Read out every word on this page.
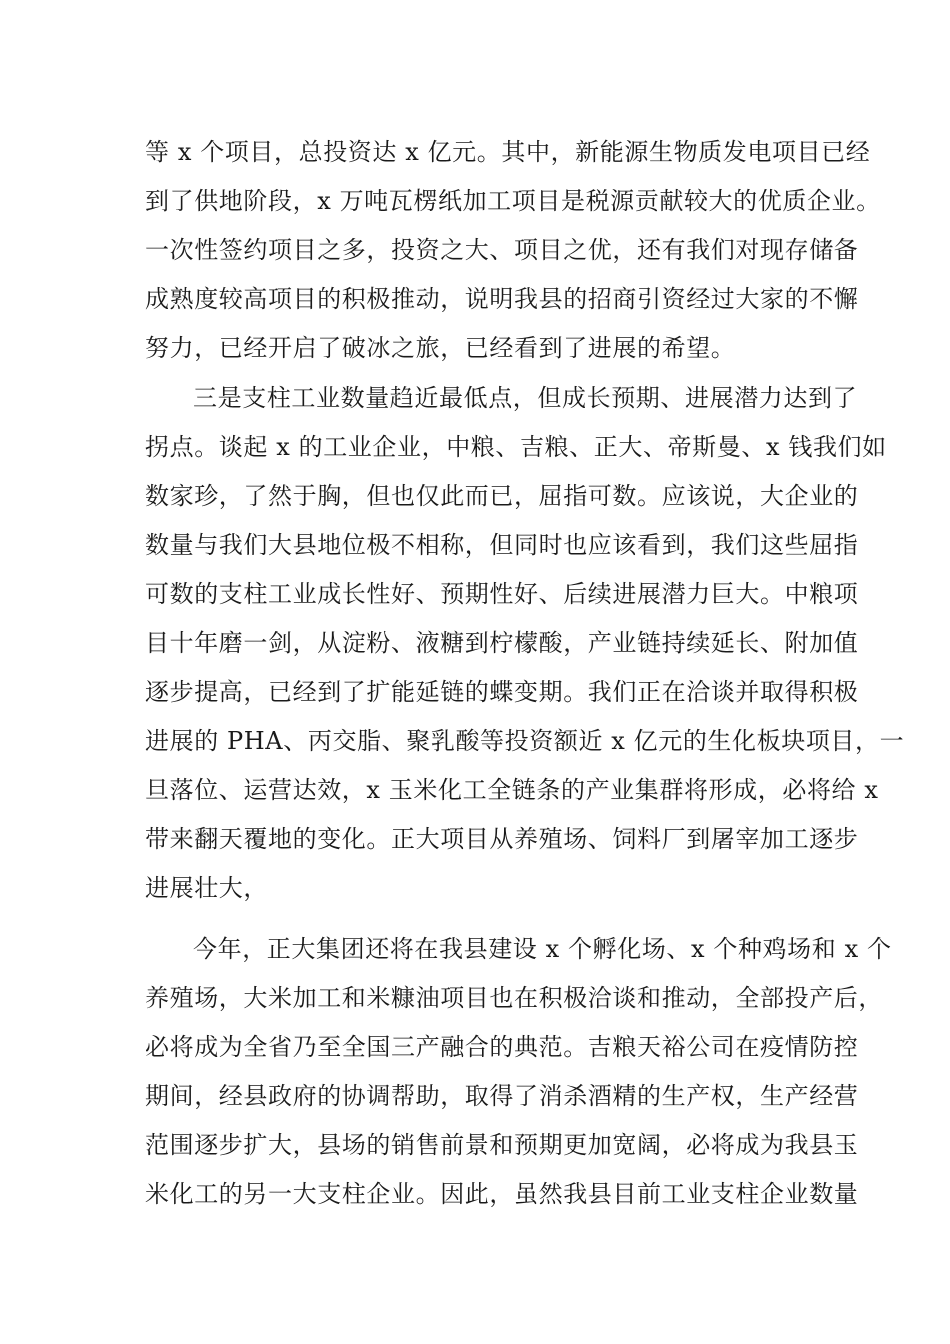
等 x 个项目，总投资达 x 亿元。其中，新能源生物质发电项目已经
到了供地阶段，x 万吨瓦楞纸加工项目是税源贡献较大的优质企业。
一次性签约项目之多，投资之大、项目之优，还有我们对现存储备
成熟度较高项目的积极推动，说明我县的招商引资经过大家的不懈
努力，已经开启了破冰之旅，已经看到了进展的希望。

三是支柱工业数量趋近最低点，但成长预期、进展潜力达到了
拐点。谈起 x 的工业企业，中粮、吉粮、正大、帝斯曼、x 钱我们如
数家珍，了然于胸，但也仅此而已，屈指可数。应该说，大企业的
数量与我们大县地位极不相称，但同时也应该看到，我们这些屈指
可数的支柱工业成长性好、预期性好、后续进展潜力巨大。中粮项
目十年磨一剑，从淀粉、液糖到柠檬酸，产业链持续延长、附加值
逐步提高，已经到了扩能延链的蝶变期。我们正在洽谈并取得积极
进展的 PHA、丙交脂、聚乳酸等投资额近 x 亿元的生化板块项目，一
旦落位、运营达效，x 玉米化工全链条的产业集群将形成，必将给 x
带来翻天覆地的变化。正大项目从养殖场、饲料厂到屠宰加工逐步
进展壮大，

今年，正大集团还将在我县建设 x 个孵化场、x 个种鸡场和 x 个
养殖场，大米加工和米糠油项目也在积极洽谈和推动，全部投产后，
必将成为全省乃至全国三产融合的典范。吉粮天裕公司在疫情防控
期间，经县政府的协调帮助，取得了消杀酒精的生产权，生产经营
范围逐步扩大，县场的销售前景和预期更加宽阔，必将成为我县玉
米化工的另一大支柱企业。因此，虽然我县目前工业支柱企业数量
